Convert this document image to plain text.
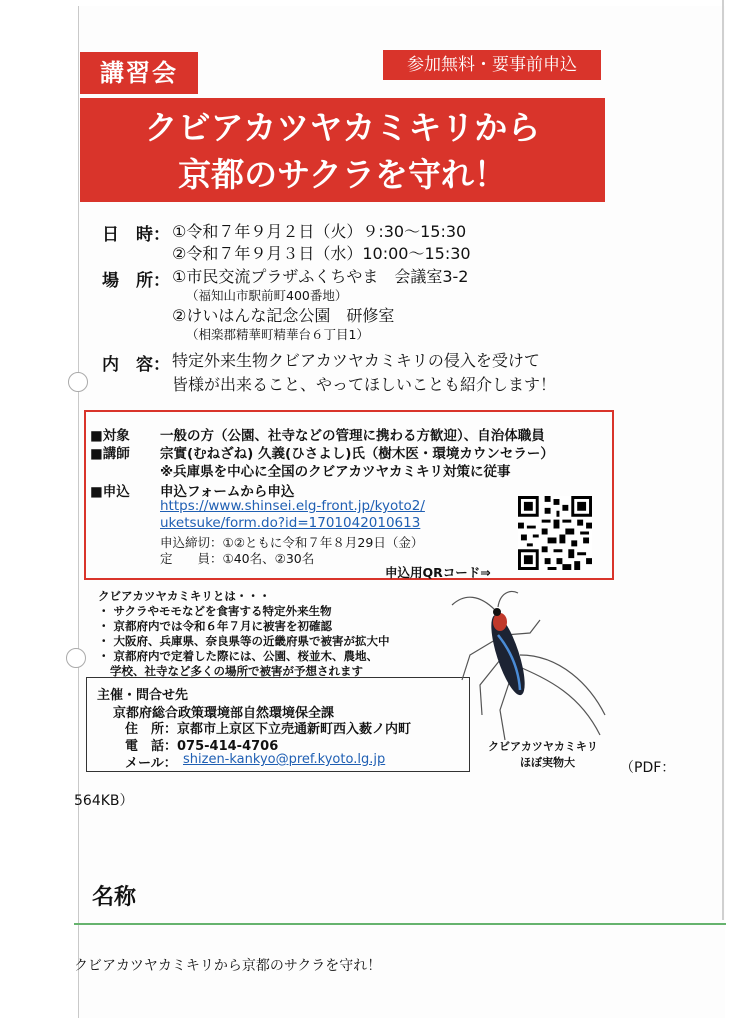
講習会	参加無料・要事前申込
クビアカツヤカミキリから
京都のサクラを守れ！
日　時： ①令和７年９月２日（火）９:30〜15:30
②令和７年９月３日（水）10:00〜15:30
場　所： ①市民交流プラザふくちやま　会議室3-2
（福知山市駅前町400番地）
②けいはんな記念公園　研修室
（相楽郡精華町精華台６丁目1）
内　容： 特定外来生物クビアカツヤカミキリの侵入を受けて
皆様が出来ること、やってほしいことも紹介します！
■対象 一般の方（公園、社寺などの管理に携わる方歓迎）、自治体職員
■講師 宗實(むねざね) 久義(ひさよし)氏（樹木医・環境カウンセラー）
※兵庫県を中心に全国のクビアカツヤカミキリ対策に従事
■申込 申込フォームから申込
https://www.shinsei.elg-front.jp/kyoto2/
uketsuke/form.do?id=1701042010613
申込締切：①②ともに令和７年８月29日（金）
定　　員：①40名、②30名
申込用QRコード⇒
クビアカツヤカミキリとは・・・
・ サクラやモモなどを食害する特定外来生物
・ 京都府内では令和６年７月に被害を初確認
・ 大阪府、兵庫県、奈良県等の近畿府県で被害が拡大中
・ 京都府内で定着した際には、公園、桜並木、農地、
学校、社寺など多くの場所で被害が予想されます
主催・問合せ先
京都府総合政策環境部自然環境保全課
住　所：京都市上京区下立売通新町西入薮ノ内町
電　話：075-414-4706
メール： shizen-kankyo@pref.kyoto.lg.jp
クビアカツヤカミキリ
ほぼ実物大	（PDF：
564KB）
名称
クビアカツヤカミキリから京都のサクラを守れ！
